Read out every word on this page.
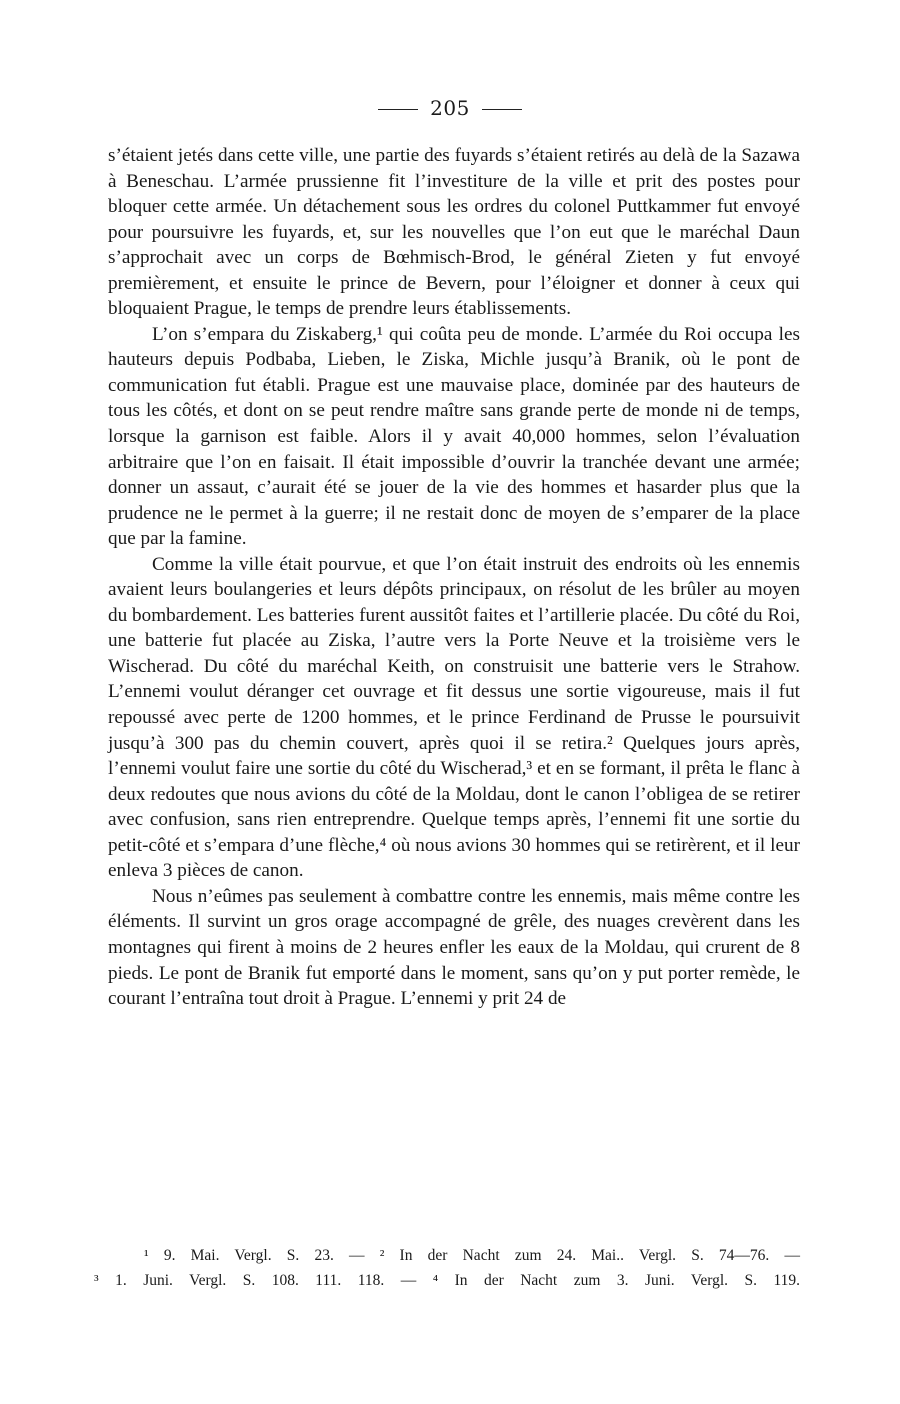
205

s’étaient jetés dans cette ville, une partie des fuyards s’étaient retirés au delà de la Sazawa à Beneschau. L’armée prussienne fit l’investiture de la ville et prit des postes pour bloquer cette armée. Un détachement sous les ordres du colonel Puttkammer fut envoyé pour poursuivre les fuyards, et, sur les nouvelles que l’on eut que le maréchal Daun s’approchait avec un corps de Bœhmisch-Brod, le général Zieten y fut envoyé premièrement, et ensuite le prince de Bevern, pour l’éloigner et donner à ceux qui bloquaient Prague, le temps de prendre leurs établissements.

L’on s’empara du Ziskaberg,¹ qui coûta peu de monde. L’armée du Roi occupa les hauteurs depuis Podbaba, Lieben, le Ziska, Michle jusqu’à Branik, où le pont de communication fut établi. Prague est une mauvaise place, dominée par des hauteurs de tous les côtés, et dont on se peut rendre maître sans grande perte de monde ni de temps, lorsque la garnison est faible. Alors il y avait 40,000 hommes, selon l’évaluation arbitraire que l’on en faisait. Il était impossible d’ouvrir la tranchée devant une armée; donner un assaut, c’aurait été se jouer de la vie des hommes et hasarder plus que la prudence ne le permet à la guerre; il ne restait donc de moyen de s’emparer de la place que par la famine.

Comme la ville était pourvue, et que l’on était instruit des endroits où les ennemis avaient leurs boulangeries et leurs dépôts principaux, on résolut de les brûler au moyen du bombardement. Les batteries furent aussitôt faites et l’artillerie placée. Du côté du Roi, une batterie fut placée au Ziska, l’autre vers la Porte Neuve et la troisième vers le Wischerad. Du côté du maréchal Keith, on construisit une batterie vers le Strahow. L’ennemi voulut déranger cet ouvrage et fit dessus une sortie vigoureuse, mais il fut repoussé avec perte de 1200 hommes, et le prince Ferdinand de Prusse le poursuivit jusqu’à 300 pas du chemin couvert, après quoi il se retira.² Quelques jours après, l’ennemi voulut faire une sortie du côté du Wischerad,³ et en se formant, il prêta le flanc à deux redoutes que nous avions du côté de la Moldau, dont le canon l’obligea de se retirer avec confusion, sans rien entreprendre. Quelque temps après, l’ennemi fit une sortie du petit-côté et s’empara d’une flèche,⁴ où nous avions 30 hommes qui se retirèrent, et il leur enleva 3 pièces de canon.

Nous n’eûmes pas seulement à combattre contre les ennemis, mais même contre les éléments. Il survint un gros orage accompagné de grêle, des nuages crevèrent dans les montagnes qui firent à moins de 2 heures enfler les eaux de la Moldau, qui crurent de 8 pieds. Le pont de Branik fut emporté dans le moment, sans qu’on y put porter remède, le courant l’entraîna tout droit à Prague. L’ennemi y prit 24 de

¹ 9. Mai. Vergl. S. 23. — ² In der Nacht zum 24. Mai.. Vergl. S. 74—76. —
³ 1. Juni. Vergl. S. 108. 111. 118. — ⁴ In der Nacht zum 3. Juni. Vergl. S. 119.
